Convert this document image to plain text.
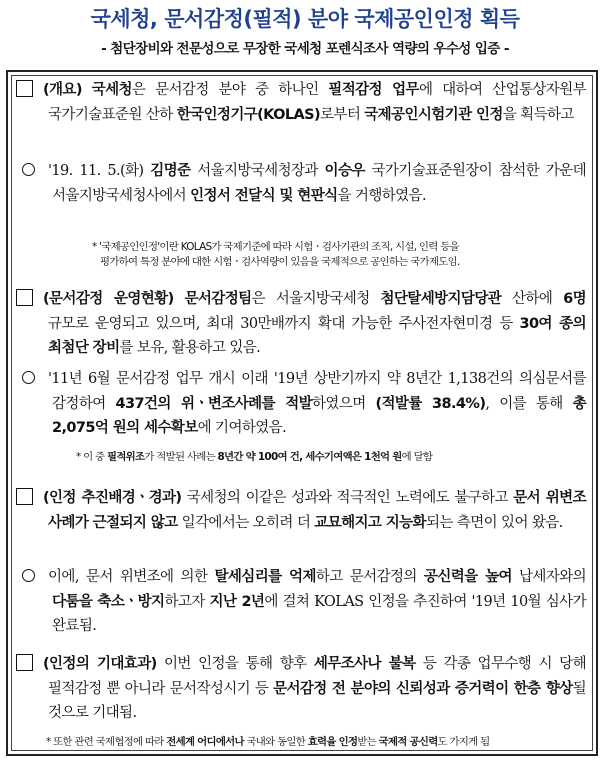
국세청, 문서감정(필적) 분야 국제공인인정 획득
- 첨단장비와 전문성으로 무장한 국세청 포렌식조사 역량의 우수성 입증 -
(개요) 국세청은 문서감정 분야 중 하나인 필적감정 업무에 대하여 산업통상자원부 국가기술표준원 산하 한국인정기구(KOLAS)로부터 국제공인시험기관 인정을 획득하고
'19. 11. 5.(화) 김명준 서울지방국세청장과 이승우 국가기술표준원장이 참석한 가운데 서울지방국세청사에서 인정서 전달식 및 현판식을 거행하였음.
* '국제공인인정'이란 KOLAS가 국제기준에 따라 시험ㆍ검사기관의 조직, 시설, 인력 등을
평가하여 특정 분야에 대한 시험ㆍ검사역량이 있음을 국제적으로 공인하는 국가제도임.
(문서감정 운영현황) 문서감정팀은 서울지방국세청 첨단탈세방지담당관 산하에 6명 규모로 운영되고 있으며, 최대 30만배까지 확대 가능한 주사전자현미경 등 30여 종의 최첨단 장비를 보유, 활용하고 있음.
'11년 6월 문서감정 업무 개시 이래 '19년 상반기까지 약 8년간 1,138건의 의심문서를 감정하여 437건의 위ㆍ변조사례를 적발하였으며 (적발률 38.4%), 이를 통해 총 2,075억 원의 세수확보에 기여하였음.
* 이 중 필적위조가 적발된 사례는 8년간 약 100여 건, 세수기여액은 1천억 원에 달함
(인정 추진배경ㆍ경과) 국세청의 이같은 성과와 적극적인 노력에도 불구하고 문서 위변조 사례가 근절되지 않고 일각에서는 오히려 더 교묘해지고 지능화되는 측면이 있어 왔음.
이에, 문서 위변조에 의한 탈세심리를 억제하고 문서감정의 공신력을 높여 납세자와의 다툼을 축소ㆍ방지하고자 지난 2년에 걸쳐 KOLAS 인정을 추진하여 '19년 10월 심사가 완료됨.
(인정의 기대효과) 이번 인정을 통해 향후 세무조사나 불복 등 각종 업무수행 시 당해 필적감정 뿐 아니라 문서작성시기 등 문서감정 전 분야의 신뢰성과 증거력이 한층 향상될 것으로 기대됨.
* 또한 관련 국제협정에 따라 전세계 어디에서나 국내와 동일한 효력을 인정받는 국제적 공신력도 가지게 됨
